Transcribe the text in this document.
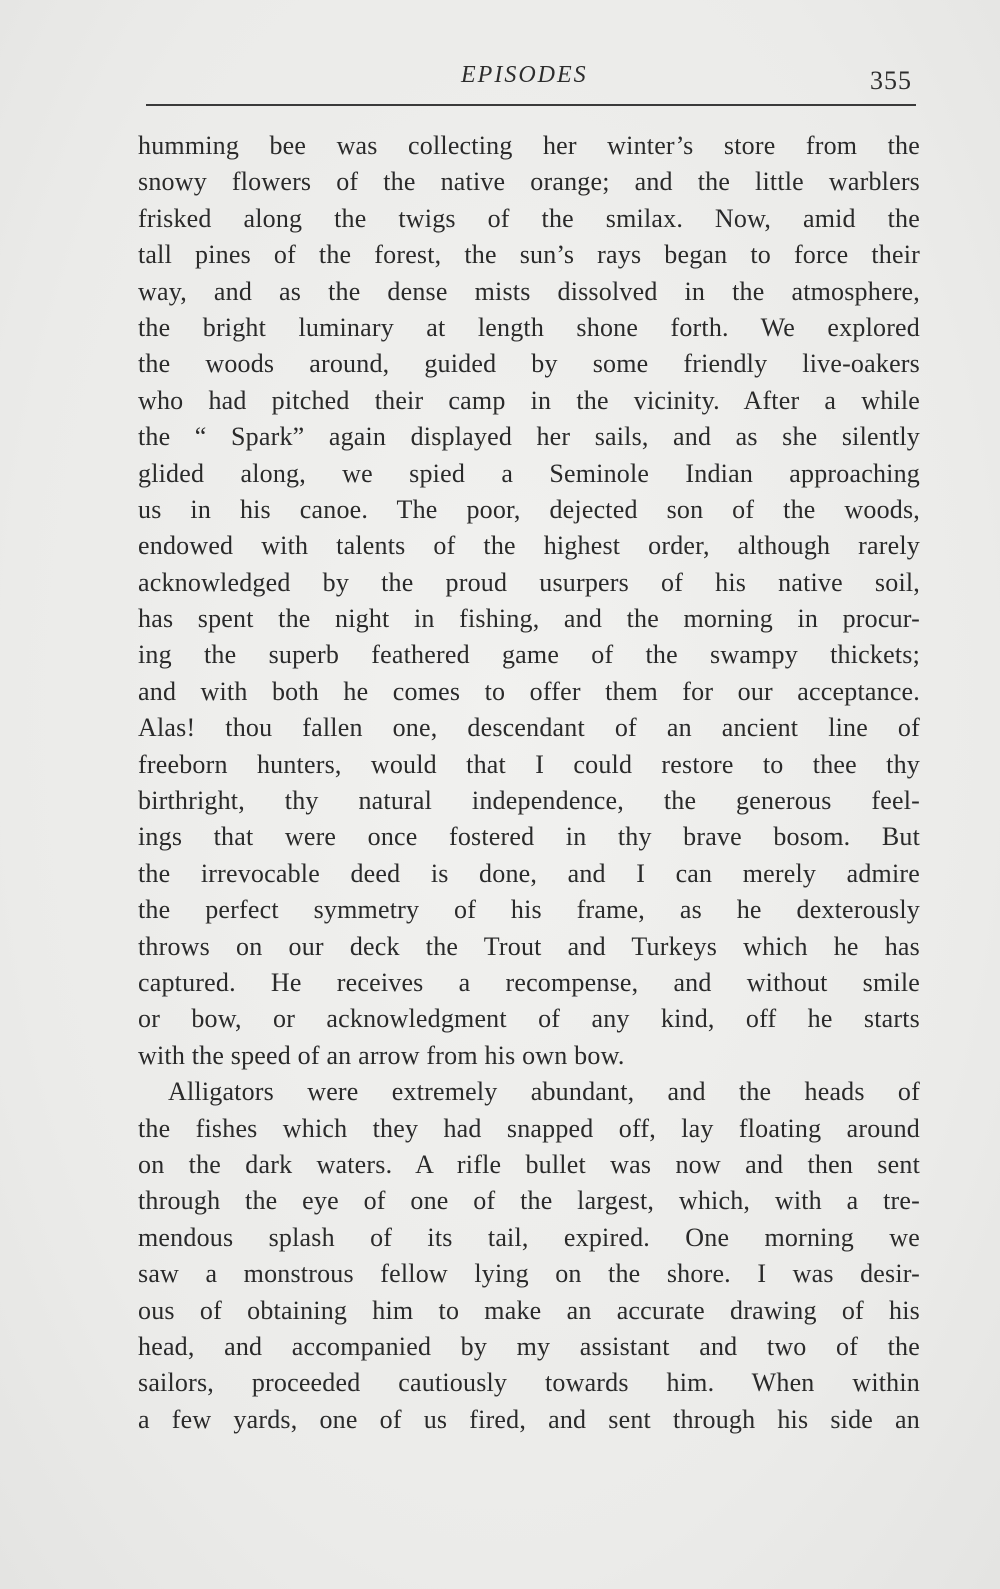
EPISODES	355
humming bee was collecting her winter’s store from the
snowy flowers of the native orange; and the little warblers
frisked along the twigs of the smilax. Now, amid the
tall pines of the forest, the sun’s rays began to force their
way, and as the dense mists dissolved in the atmosphere,
the bright luminary at length shone forth. We explored
the woods around, guided by some friendly live-oakers
who had pitched their camp in the vicinity. After a while
the “ Spark” again displayed her sails, and as she silently
glided along, we spied a Seminole Indian approaching
us in his canoe. The poor, dejected son of the woods,
endowed with talents of the highest order, although rarely
acknowledged by the proud usurpers of his native soil,
has spent the night in fishing, and the morning in procur-
ing the superb feathered game of the swampy thickets;
and with both he comes to offer them for our acceptance.
Alas! thou fallen one, descendant of an ancient line of
freeborn hunters, would that I could restore to thee thy
birthright, thy natural independence, the generous feel-
ings that were once fostered in thy brave bosom. But
the irrevocable deed is done, and I can merely admire
the perfect symmetry of his frame, as he dexterously
throws on our deck the Trout and Turkeys which he has
captured. He receives a recompense, and without smile
or bow, or acknowledgment of any kind, off he starts
with the speed of an arrow from his own bow.
Alligators were extremely abundant, and the heads of
the fishes which they had snapped off, lay floating around
on the dark waters. A rifle bullet was now and then sent
through the eye of one of the largest, which, with a tre-
mendous splash of its tail, expired. One morning we
saw a monstrous fellow lying on the shore. I was desir-
ous of obtaining him to make an accurate drawing of his
head, and accompanied by my assistant and two of the
sailors, proceeded cautiously towards him. When within
a few yards, one of us fired, and sent through his side an
